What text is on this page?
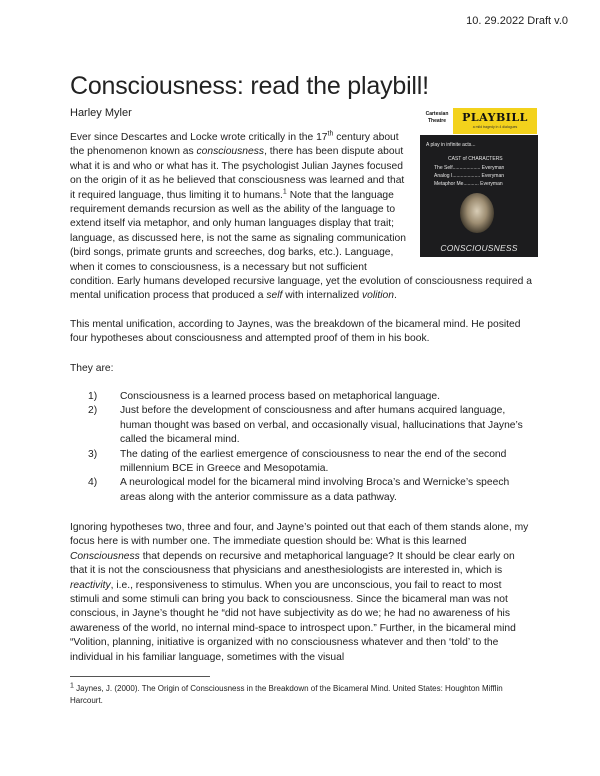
10. 29.2022 Draft v.0
Consciousness: read the playbill!
Harley Myler	Cartesian Theatre	PLAYBILL
a mild tragedy in 4 dialogues
A play in infinite acts...
CAST of CHARACTERS
The Self.................... Everyman
Analog I.................... Everyman
Metaphor Me........... Everyman
CONSCIOUSNESS
Ever since Descartes and Locke wrote critically in the 17th century about the phenomenon known as consciousness, there has been dispute about what it is and who or what has it. The psychologist Julian Jaynes focused on the origin of it as he believed that consciousness was learned and that it required language, thus limiting it to humans.$^1$ Note that the language requirement demands recursion as well as the ability of the language to extend itself via metaphor, and only human languages display that trait; language, as discussed here, is not the same as signaling communication (bird songs, primate grunts and screeches, dog barks, etc.). Language, when it comes to consciousness, is a necessary but not sufficient
condition. Early humans developed recursive language, yet the evolution of consciousness required a mental unification process that produced a self with internalized volition.
This mental unification, according to Jaynes, was the breakdown of the bicameral mind. He posited four hypotheses about consciousness and attempted proof of them in his book.
They are:
1) Consciousness is a learned process based on metaphorical language.
2) Just before the development of consciousness and after humans acquired language, human thought was based on verbal, and occasionally visual, hallucinations that Jayne’s called the bicameral mind.
3) The dating of the earliest emergence of consciousness to near the end of the second millennium BCE in Greece and Mesopotamia.
4) A neurological model for the bicameral mind involving Broca’s and Wernicke’s speech areas along with the anterior commissure as a data pathway.
Ignoring hypotheses two, three and four, and Jayne’s pointed out that each of them stands alone, my focus here is with number one. The immediate question should be: What is this learned Consciousness that depends on recursive and metaphorical language? It should be clear early on that it is not the consciousness that physicians and anesthesiologists are interested in, which is reactivity, i.e., responsiveness to stimulus. When you are unconscious, you fail to react to most stimuli and some stimuli can bring you back to consciousness. Since the bicameral man was not conscious, in Jayne’s thought he “did not have subjectivity as do we; he had no awareness of his awareness of the world, no internal mind-space to introspect upon.” Further, in the bicameral mind “Volition, planning, initiative is organized with no consciousness whatever and then ‘told’ to the individual in his familiar language, sometimes with the visual
$^1$ Jaynes, J. (2000). The Origin of Consciousness in the Breakdown of the Bicameral Mind. United States: Houghton Mifflin Harcourt.
